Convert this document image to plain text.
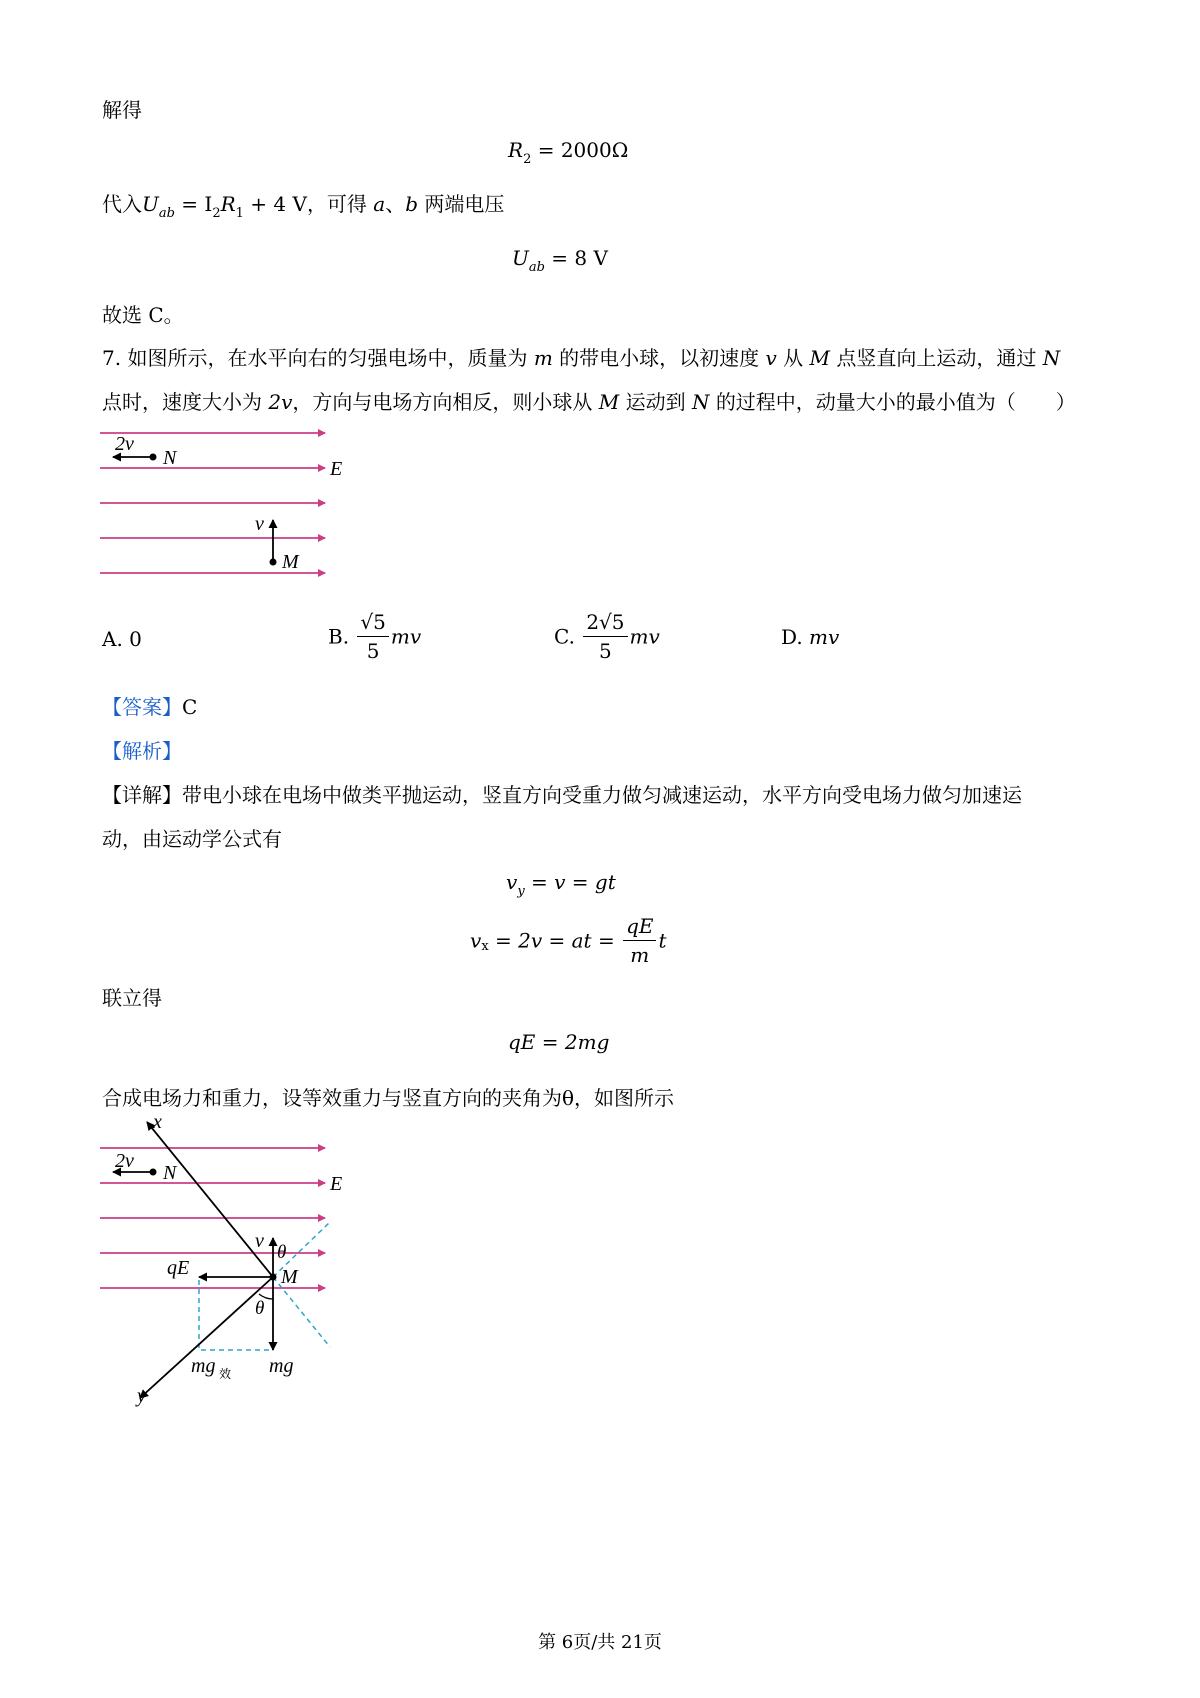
解得
$R_2 = 2000\Omega$
代入$U_{ab} = I_2R_1 + 4$ V，可得 a、b 两端电压
$U_{ab} = 8$ V
故选 C。
7. 如图所示，在水平向右的匀强电场中，质量为 m 的带电小球，以初速度 v 从 M 点竖直向上运动，通过 N
点时，速度大小为 2v，方向与电场方向相反，则小球从 M 运动到 N 的过程中，动量大小的最小值为（　　）
2v
N	E
v
M
A. 0	B. $\frac{√5}{5}$ mv	C. $\frac{2√5}{5}$ mv	D. mv
【答案】C
【解析】
【详解】带电小球在电场中做类平抛运动，竖直方向受重力做匀减速运动，水平方向受电场力做匀加速运
动，由运动学公式有
$v_y = v$ = gt
$v_x = 2v$ = at = $\frac{qE}{m}$ t
联立得
qE = 2mg
合成电场力和重力，设等效重力与竖直方向的夹角为θ，如图所示
x
2v
N	E
v
θ
qE	M
θ
mg 效 mg
y
第 6页/共 21页
